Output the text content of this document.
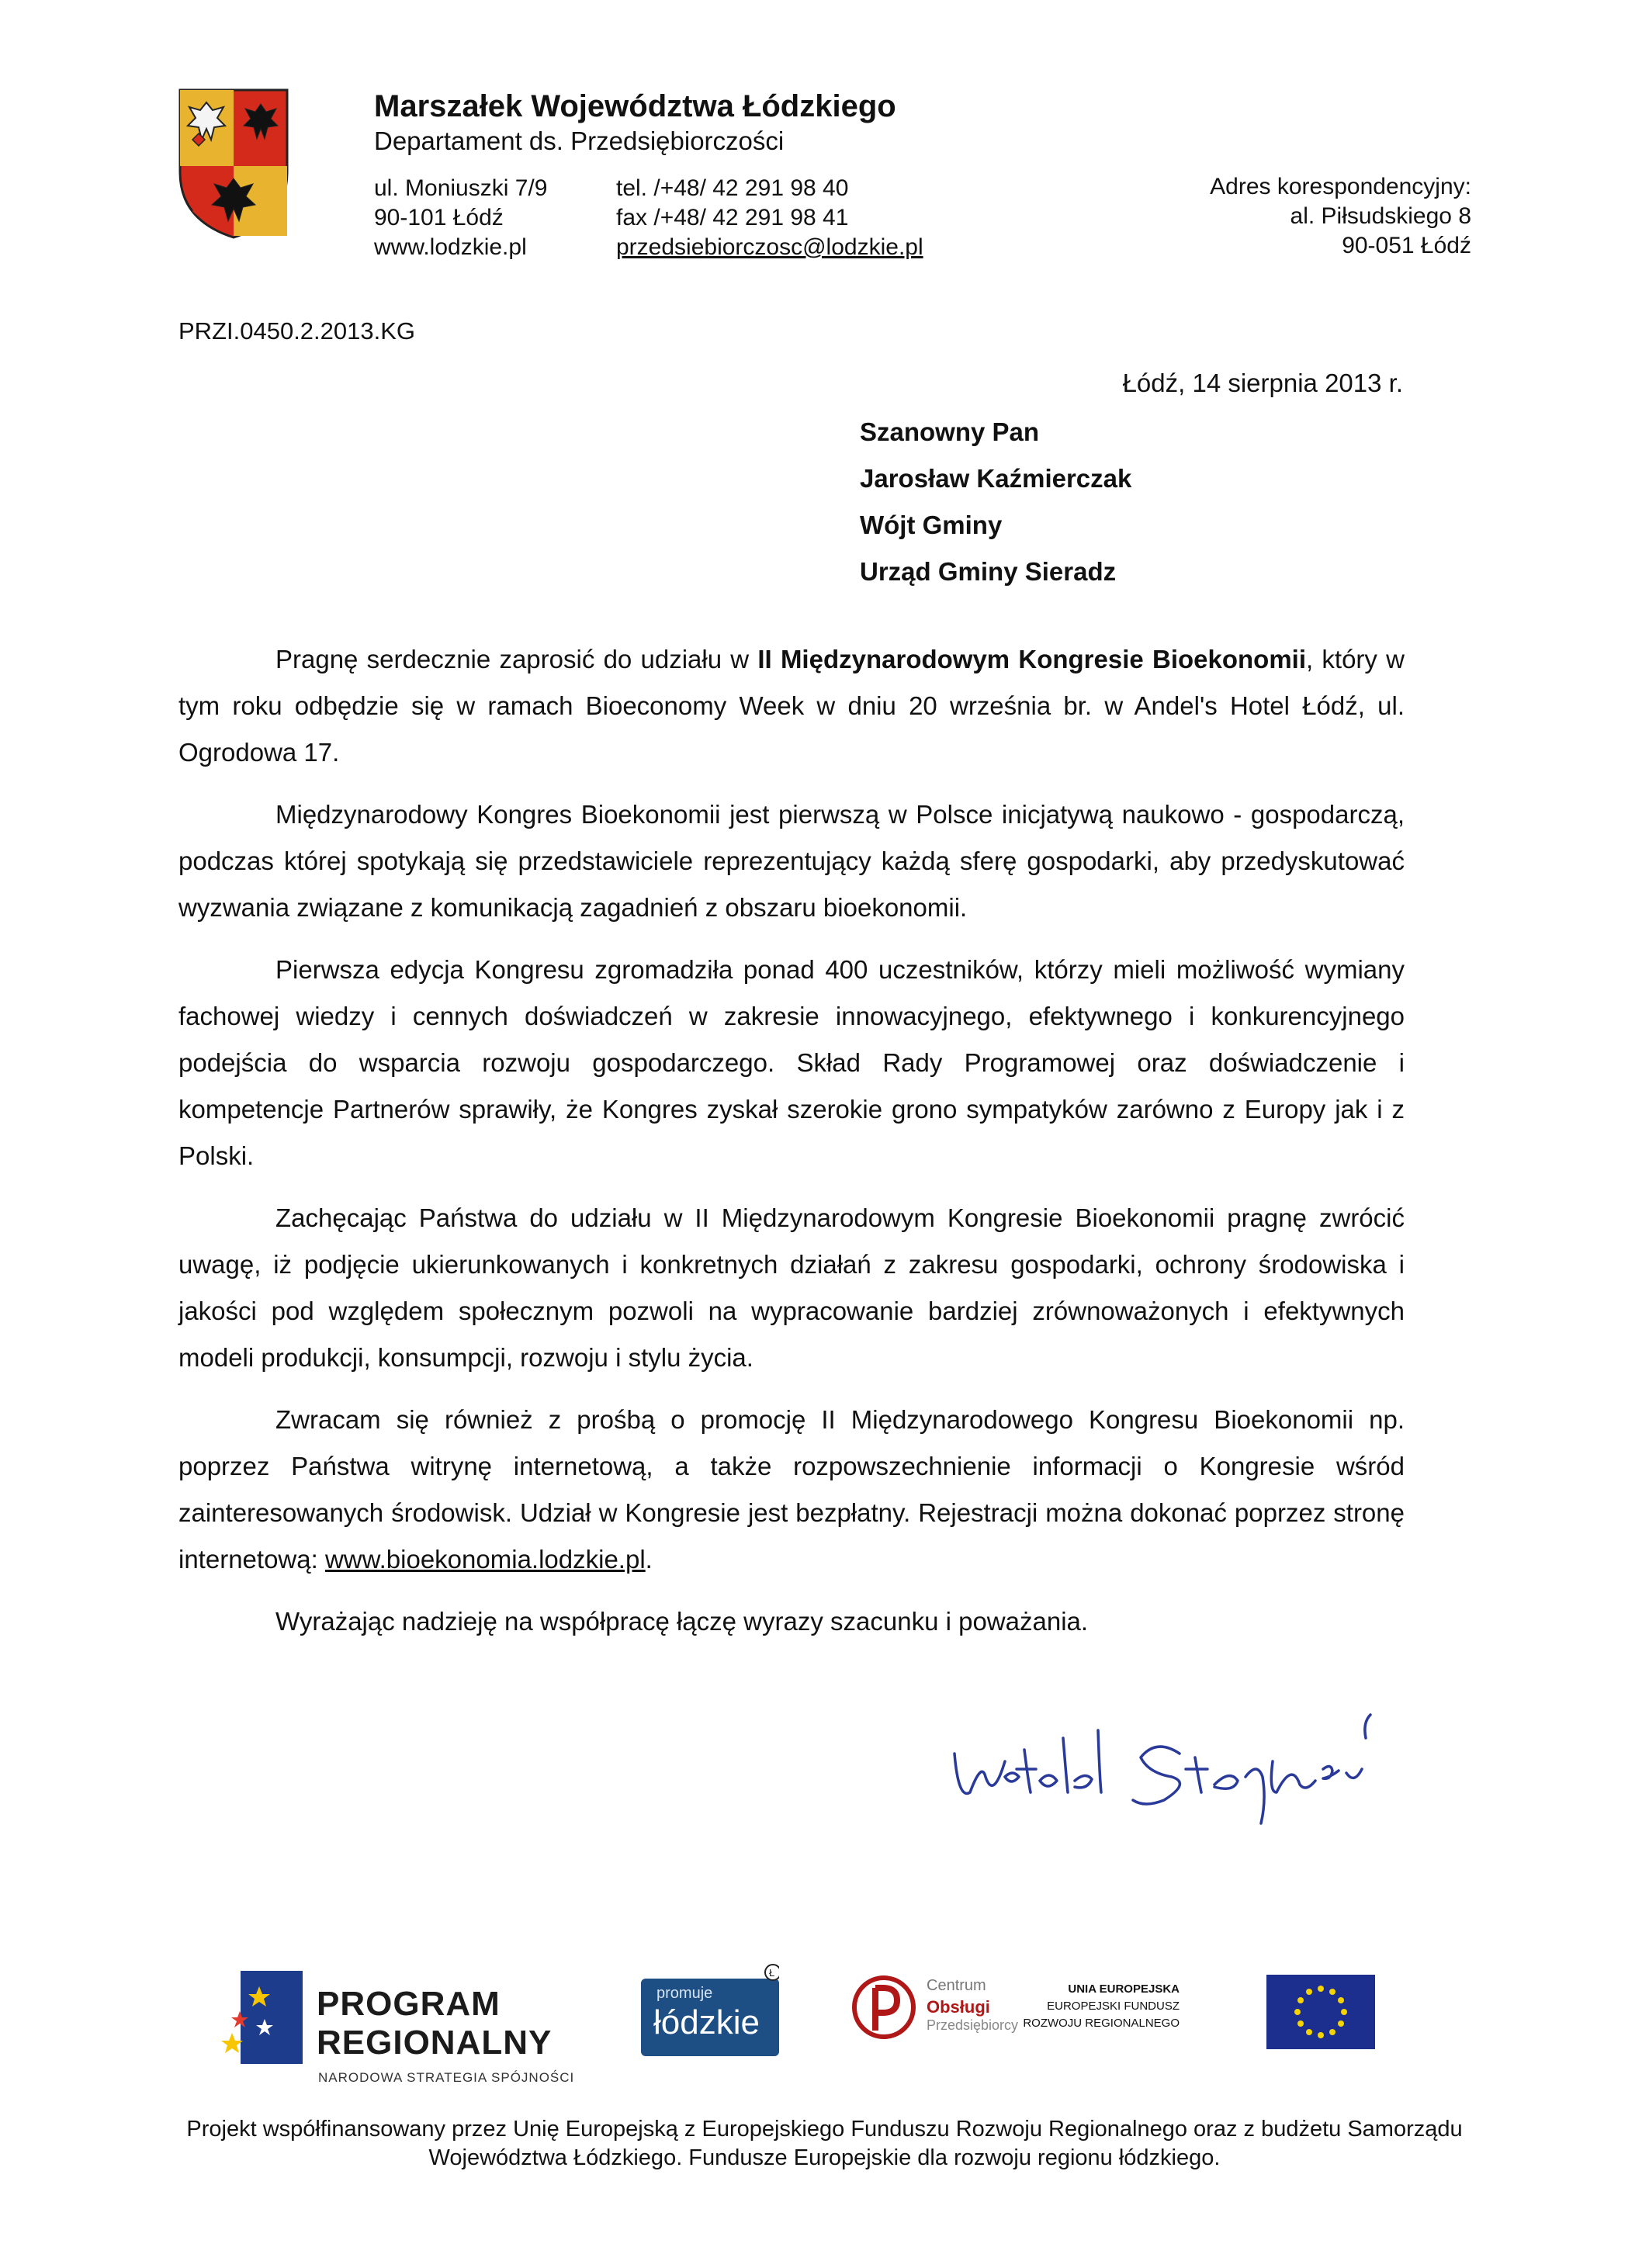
Marszałek Województwa Łódzkiego
Departament ds. Przedsiębiorczości
ul. Moniuszki 7/9
90-101 Łódź
www.lodzkie.pl
tel. /+48/ 42 291 98 40
fax /+48/ 42 291 98 41
przedsiebiorczosc@lodzkie.pl
Adres korespondencyjny:
al. Piłsudskiego 8
90-051 Łódź
PRZI.0450.2.2013.KG
Łódź, 14 sierpnia 2013 r.
Szanowny Pan
Jarosław Kaźmierczak
Wójt Gminy
Urząd Gminy Sieradz

Pragnę serdecznie zaprosić do udziału w II Międzynarodowym Kongresie Bioekonomii, który w tym roku odbędzie się w ramach Bioeconomy Week w dniu 20 września br. w Andel's Hotel Łódź, ul. Ogrodowa 17.

Międzynarodowy Kongres Bioekonomii jest pierwszą w Polsce inicjatywą naukowo - gospodarczą, podczas której spotykają się przedstawiciele reprezentujący każdą sferę gospodarki, aby przedyskutować wyzwania związane z komunikacją zagadnień z obszaru bioekonomii.

Pierwsza edycja Kongresu zgromadziła ponad 400 uczestników, którzy mieli możliwość wymiany fachowej wiedzy i cennych doświadczeń w zakresie innowacyjnego, efektywnego i konkurencyjnego podejścia do wsparcia rozwoju gospodarczego. Skład Rady Programowej oraz doświadczenie i kompetencje Partnerów sprawiły, że Kongres zyskał szerokie grono sympatyków zarówno z Europy jak i z Polski.

Zachęcając Państwa do udziału w II Międzynarodowym Kongresie Bioekonomii pragnę zwrócić uwagę, iż podjęcie ukierunkowanych i konkretnych działań z zakresu gospodarki, ochrony środowiska i jakości pod względem społecznym pozwoli na wypracowanie bardziej zrównoważonych i efektywnych modeli produkcji, konsumpcji, rozwoju i stylu życia.

Zwracam się również z prośbą o promocję II Międzynarodowego Kongresu Bioekonomii np. poprzez Państwa witrynę internetową, a także rozpowszechnienie informacji o Kongresie wśród zainteresowanych środowisk. Udział w Kongresie jest bezpłatny. Rejestracji można dokonać poprzez stronę internetową: www.bioekonomia.lodzkie.pl.

Wyrażając nadzieję na współpracę łączę wyrazy szacunku i poważania.

PROGRAM
REGIONALNY
NARODOWA STRATEGIA SPÓJNOŚCI
Ł
promuje
łódzkie
Centrum
Obsługi
Przedsiębiorcy
UNIA EUROPEJSKA
EUROPEJSKI FUNDUSZ
ROZWOJU REGIONALNEGO
Projekt współfinansowany przez Unię Europejską z Europejskiego Funduszu Rozwoju Regionalnego oraz z budżetu Samorządu
Województwa Łódzkiego. Fundusze Europejskie dla rozwoju regionu łódzkiego.
